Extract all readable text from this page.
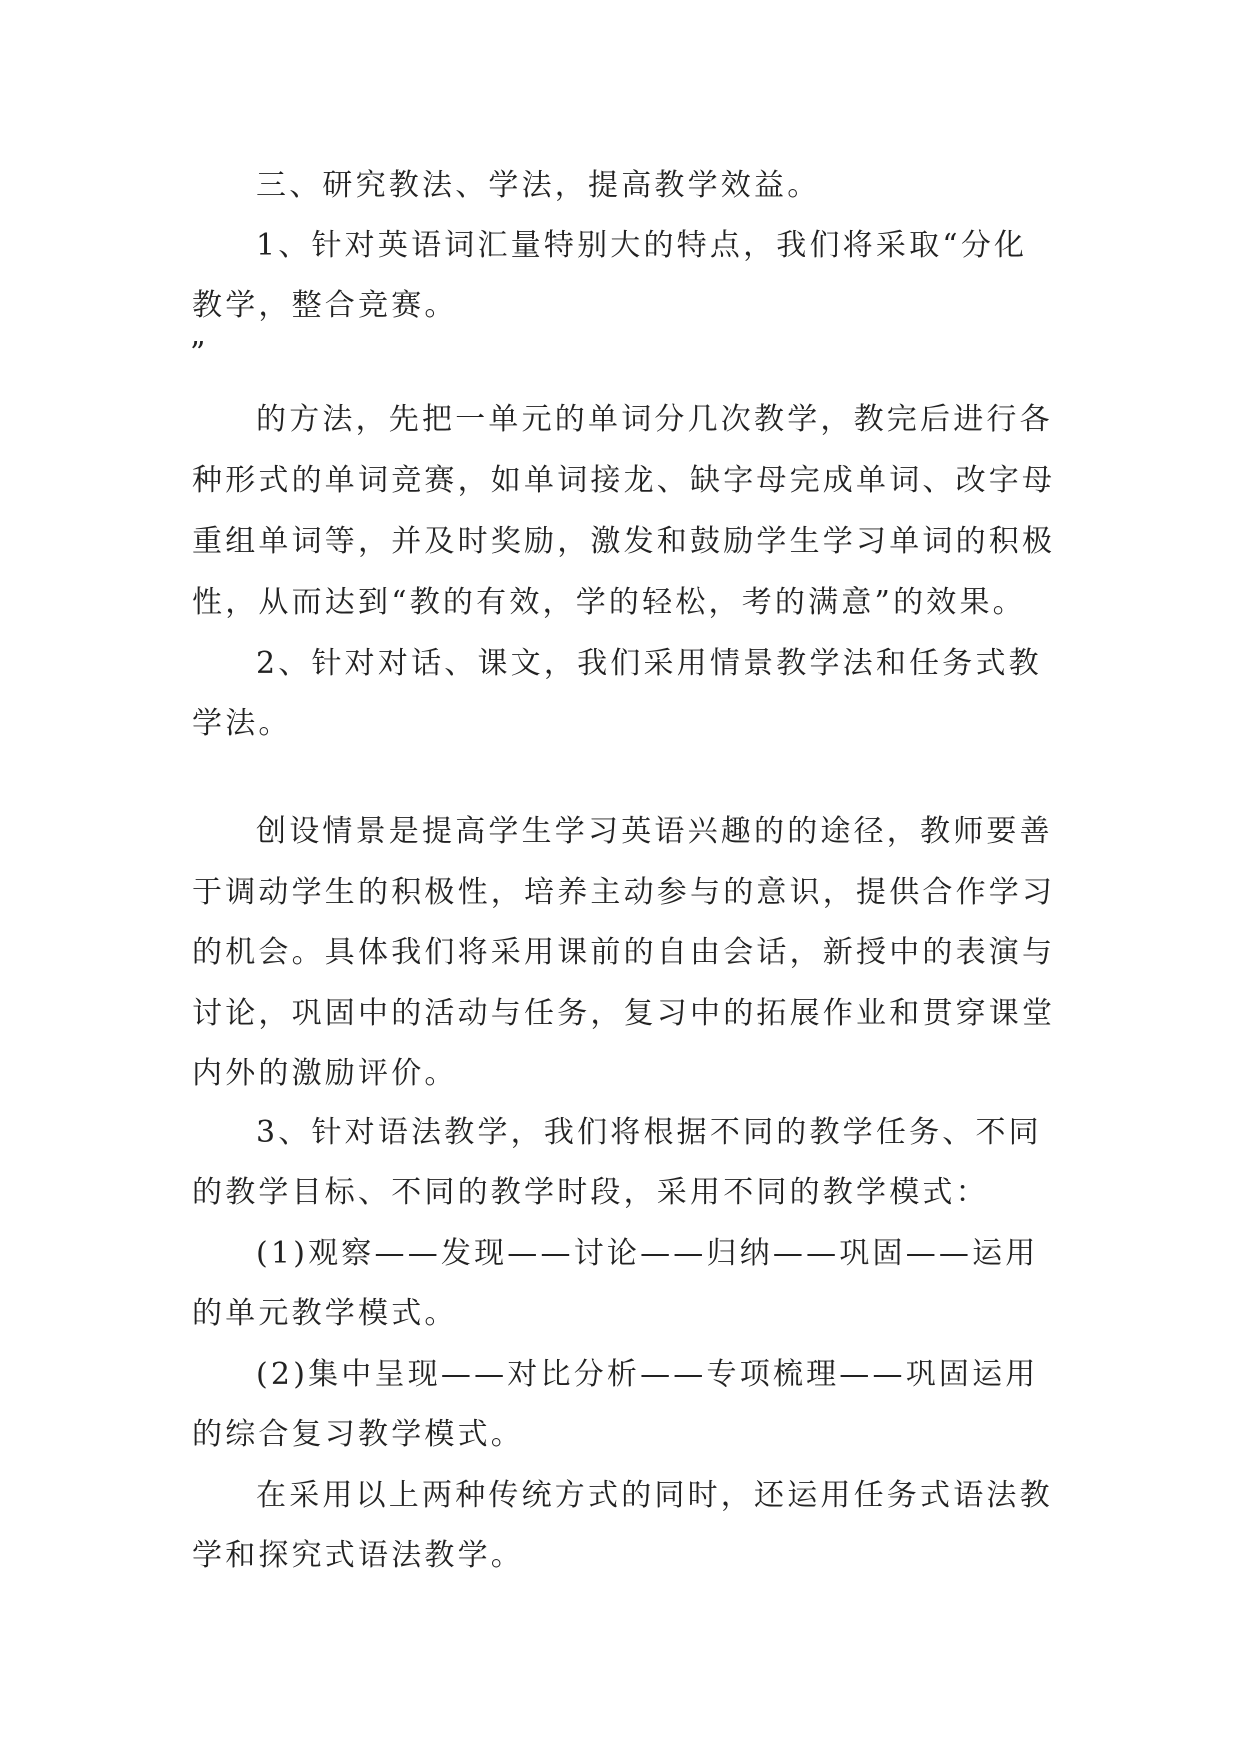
三、研究教法、学法，提高教学效益。

1、针对英语词汇量特别大的特点，我们将采取“分化

教学，整合竞赛。

”

的方法，先把一单元的单词分几次教学，教完后进行各

种形式的单词竞赛，如单词接龙、缺字母完成单词、改字母

重组单词等，并及时奖励，激发和鼓励学生学习单词的积极

性，从而达到“教的有效，学的轻松，考的满意”的效果。

2、针对对话、课文，我们采用情景教学法和任务式教

学法。

创设情景是提高学生学习英语兴趣的的途径，教师要善

于调动学生的积极性，培养主动参与的意识，提供合作学习

的机会。具体我们将采用课前的自由会话，新授中的表演与

讨论，巩固中的活动与任务，复习中的拓展作业和贯穿课堂

内外的激励评价。

3、针对语法教学，我们将根据不同的教学任务、不同

的教学目标、不同的教学时段，采用不同的教学模式：

(1)观察——发现——讨论——归纳——巩固——运用

的单元教学模式。

(2)集中呈现——对比分析——专项梳理——巩固运用

的综合复习教学模式。

在采用以上两种传统方式的同时，还运用任务式语法教

学和探究式语法教学。
